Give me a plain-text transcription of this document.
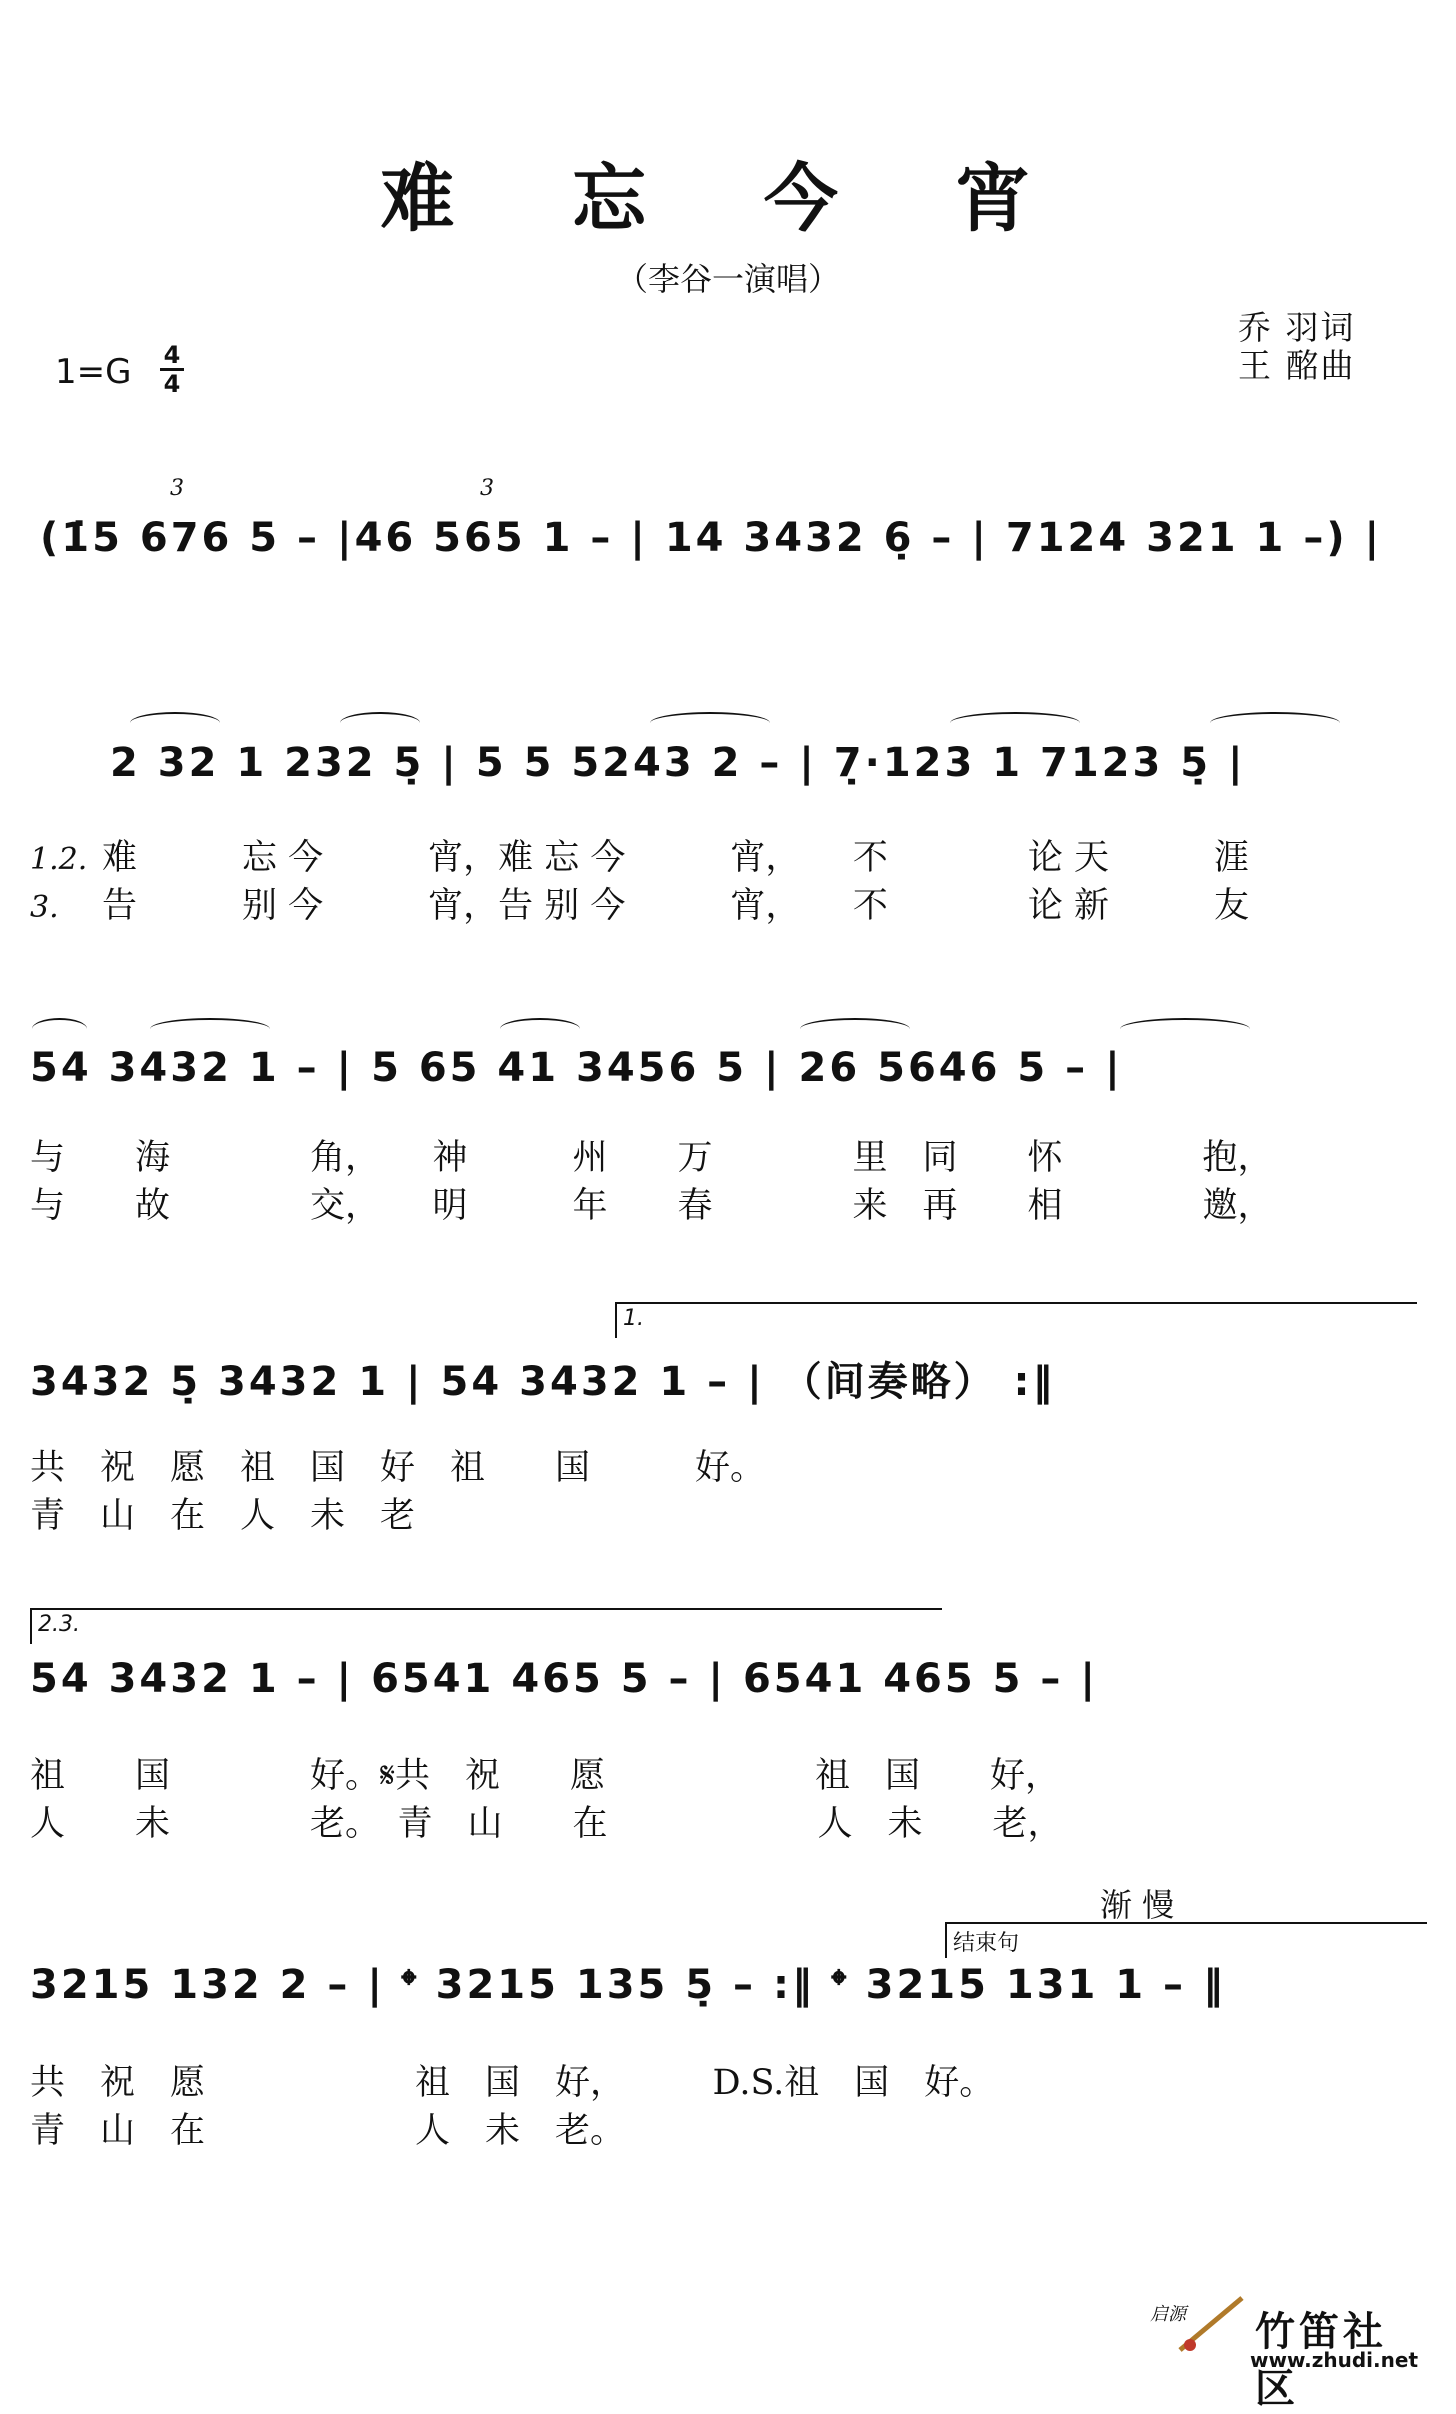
难 忘 今 宵
（李谷一演唱）
乔 羽词
王 酩曲
1=G 4
4
(1̇5 676 5 – |46 565 1 – | 14 3432 6̣ – | 7124 321 1 –) |
3	3
2 32 1 232 5̣ | 5 5 5243 2 – | 7̣·123 1 7123 5̣ |
1.2. 难　　　忘 今　　　宵，难 忘 今　　　宵，　　不　　　　论 天　　　涯
3. 告　　　别 今　　　宵，告 别 今　　　宵，　　不　　　　论 新　　　友
54 3432 1 – | 5 65 41 3456 5 | 26 5646 5 – |
与　　海　　　　角，　　神　　　州　　万　　　　里　同　　怀　　　　抱，
与　　故　　　　交，　　明　　　年　　春　　　　来　再　　相　　　　邀，
1.
3432 5̣ 3432 1 | 54 3432 1 – | （间奏略） :‖
共　祝　愿　祖　国　好　祖　　国　　　好。
青　山　在　人　未　老
2.3.
54 3432 1 – | 6541 465 5 – | 6541 465 5 – |
祖　　国　　　　好。𝄋共　祝　　愿　　　　　　祖　国　　好，
人　　未　　　　老。　青　山　　在　　　　　　人　未　　老，
渐 慢
结束句
3215 132 2 – | 𝄌 3215 135 5̣ – :‖ 𝄌 3215 131 1 – ‖
共　祝　愿　　　　　　祖　国　好，　　　D.S.祖　国　好。
青　山　在　　　　　　人　未　老。
启源 竹笛社区
www.zhudi.net
